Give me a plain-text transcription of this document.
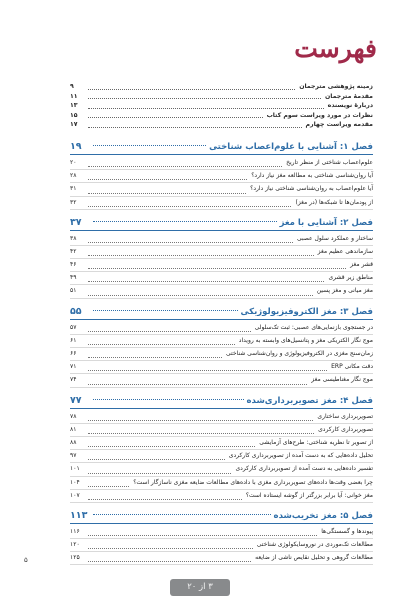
فهرست
زمینه پژوهشی مترجمان
۹
مقدمهٔ مترجمان
۱۱
دربارهٔ نویسنده
۱۳
نظرات در مورد ویراست سوم کتاب
۱۵
مقدمه ویراست چهارم
۱۷
فصل ۱: آشنایی با علوم‌اعصاب شناختی
۱۹
علوم‌اعصاب شناختی از منظر تاریخ
۲۰
آیا روان‌شناسی شناختی به مطالعه مغز نیاز دارد؟
۲۸
آیا علوم‌اعصاب به روان‌شناسی شناختی نیاز دارد؟
۳۱
از پودمان‌ها تا شبکه‌ها (در مغز)
۳۲
فصل ۲: آشنایی با مغز
۳۷
ساختار و عملکرد سلول عصبی
۳۸
سازماندهی عظیم مغز
۴۲
قشر مغز
۴۶
مناطق زیر قشری
۴۹
مغز میانی و مغز پسین
۵۱
فصل ۳: مغز الکتروفیزیولوژیکی
۵۵
در جستجوی بازنمایی‌های عصبی: ثبت تک‌سلولی
۵۷
موج نگار الکتریکی مغز و پتانسیل‌های وابسته به رویداد
۶۱
زمان‌سنج مغزی در الکتروفیزیولوژی و روان‌شناسی شناختی
۶۶
دقت مکانی ERP
۷۱
موج نگار مغناطیسی مغز
۷۴
فصل ۴: مغز تصویربرداری‌شده
۷۷
تصویربرداری ساختاری
۷۸
تصویربرداری کارکردی
۸۱
از تصویر تا نظریه شناختی: طرح‌های آزمایشی
۸۸
تحلیل داده‌هایی که به دست آمده از تصویربرداری کارکردی
۹۷
تفسیر داده‌هایی به دست آمده از تصویربرداری کارکردی
۱۰۱
چرا بعضی وقت‌ها داده‌های تصویربرداری مغزی با داده‌های مطالعات ضایعه مغزی ناسازگار است؟
۱۰۴
مغز خوانی: آیا برابر بزرگتر از گوشه ایستاده است؟
۱۰۷
فصل ۵: مغز تخریب‌شده
۱۱۳
پیوندها و گسستگی‌ها
۱۱۶
مطالعات تک‌موردی در نوروسایکولوژی شناختی
۱۲۰
مطالعات گروهی و تحلیل نقایص ناشی از ضایعه
۱۲۵
۵
۳ از ۲۰
